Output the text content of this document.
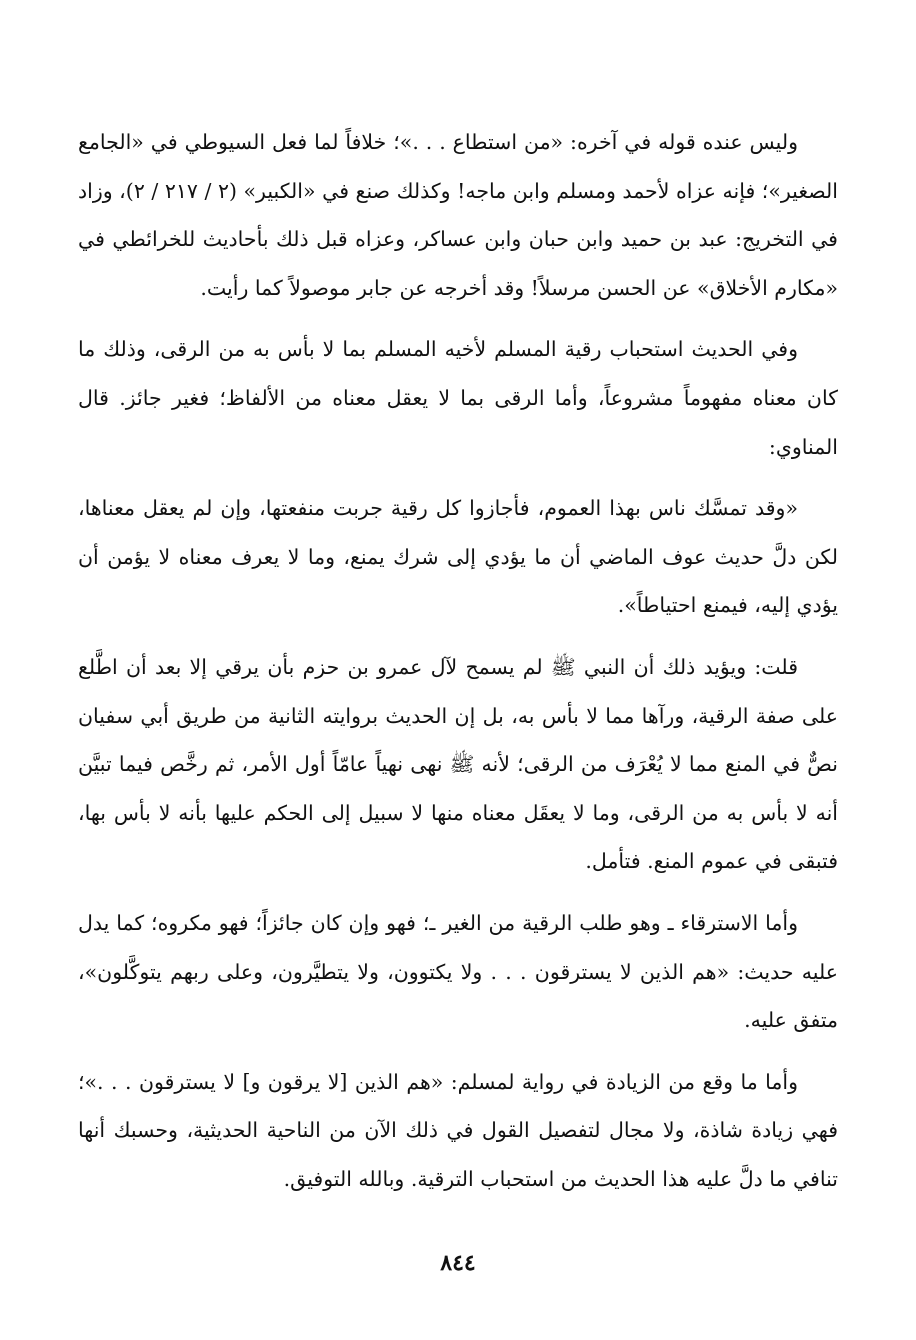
وليس عنده قوله في آخره: «من استطاع . . .»؛ خلافاً لما فعل السيوطي في «الجامع الصغير»؛ فإنه عزاه لأحمد ومسلم وابن ماجه! وكذلك صنع في «الكبير» (٢ / ٢١٧ / ٢)، وزاد في التخريج: عبد بن حميد وابن حبان وابن عساكر، وعزاه قبل ذلك بأحاديث للخرائطي في «مكارم الأخلاق» عن الحسن مرسلاً! وقد أخرجه عن جابر موصولاً كما رأيت.

وفي الحديث استحباب رقية المسلم لأخيه المسلم بما لا بأس به من الرقى، وذلك ما كان معناه مفهوماً مشروعاً، وأما الرقى بما لا يعقل معناه من الألفاظ؛ فغير جائز. قال المناوي:

«وقد تمسَّك ناس بهذا العموم، فأجازوا كل رقية جربت منفعتها، وإن لم يعقل معناها، لكن دلَّ حديث عوف الماضي أن ما يؤدي إلى شرك يمنع، وما لا يعرف معناه لا يؤمن أن يؤدي إليه، فيمنع احتياطاً».

قلت: ويؤيد ذلك أن النبي ﷺ لم يسمح لآل عمرو بن حزم بأن يرقي إلا بعد أن اطَّلع على صفة الرقية، ورآها مما لا بأس به، بل إن الحديث بروايته الثانية من طريق أبي سفيان نصٌّ في المنع مما لا يُعْرَف من الرقى؛ لأنه ﷺ نهى نهياً عامّاً أول الأمر، ثم رخَّص فيما تبيَّن أنه لا بأس به من الرقى، وما لا يعقَل معناه منها لا سبيل إلى الحكم عليها بأنه لا بأس بها، فتبقى في عموم المنع. فتأمل.

وأما الاسترقاء ـ وهو طلب الرقية من الغير ـ؛ فهو وإن كان جائزاً؛ فهو مكروه؛ كما يدل عليه حديث: «هم الذين لا يسترقون . . . ولا يكتوون، ولا يتطيَّرون، وعلى ربهم يتوكَّلون»، متفق عليه.

وأما ما وقع من الزيادة في رواية لمسلم: «هم الذين [لا يرقون و] لا يسترقون . . .»؛ فهي زيادة شاذة، ولا مجال لتفصيل القول في ذلك الآن من الناحية الحديثية، وحسبك أنها تنافي ما دلَّ عليه هذا الحديث من استحباب الترقية. وبالله التوفيق.

٨٤٤
